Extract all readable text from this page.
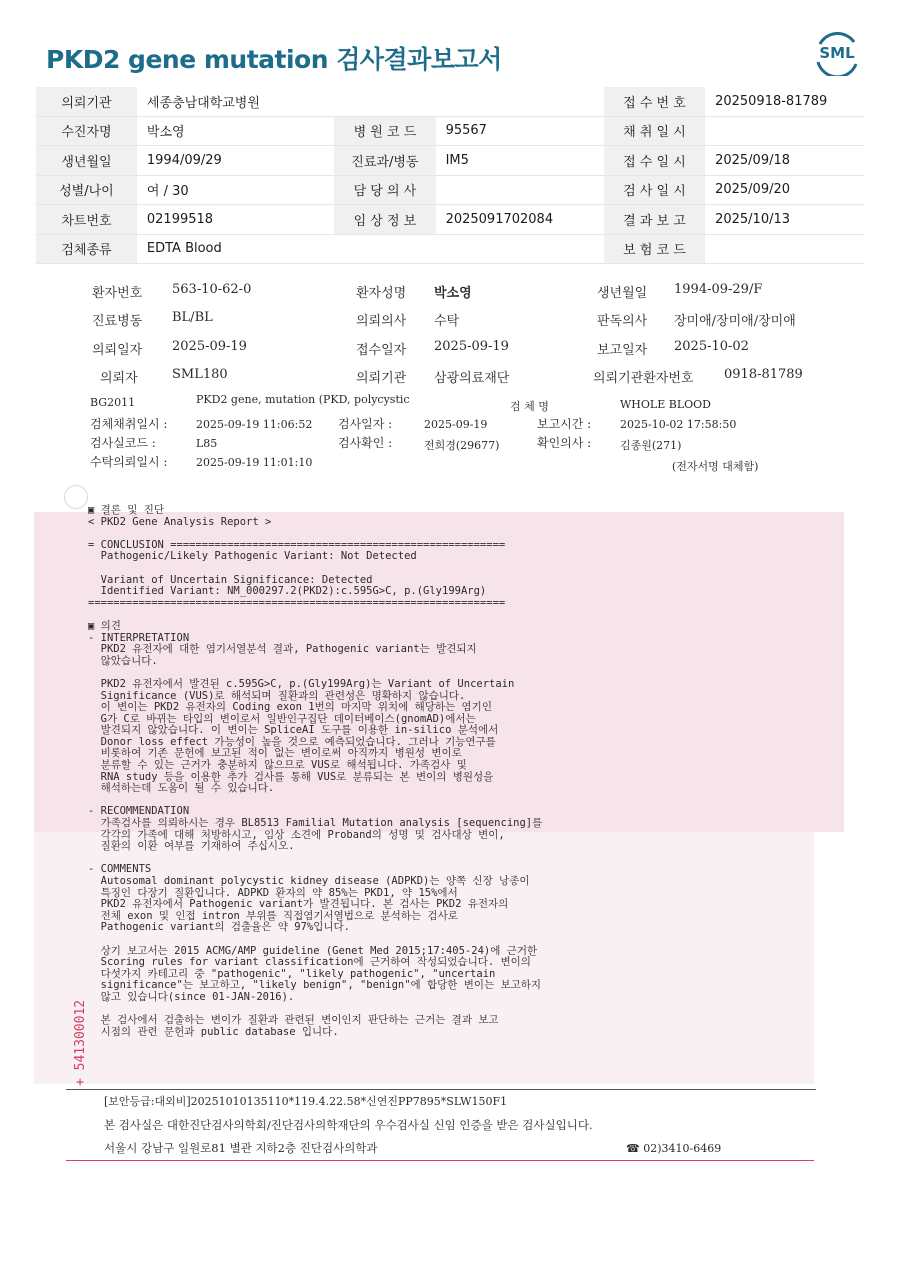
PKD2 gene mutation 검사결과보고서	SML
의뢰기관	세종충남대학교병원			접 수 번 호	20250918-81789
수진자명	박소영	병 원 코 드	95567	채 취 일 시	
생년월일	1994/09/29	진료과/병동	IM5	접 수 일 시	2025/09/18
성별/나이	여 / 30	담 당 의 사		검 사 일 시	2025/09/20
차트번호	02199518	임 상 정 보	2025091702084	결 과 보 고	2025/10/13
검체종류	EDTA Blood			보 험 코 드	
환자번호 563-10-62-0	환자성명 박소영	생년월일 1994-09-29/F
진료병동 BL/BL	의뢰의사 수탁	판독의사 장미애/장미애/장미애
의뢰일자 2025-09-19	접수일자 2025-09-19	보고일자 2025-10-02
의뢰자	SML180	의뢰기관 삼광의료재단	의뢰기관환자번호 0918-81789
BG2011	PKD2 gene, mutation (PKD, polycystic
검 체 명	WHOLE BLOOD
검체채취일시 :	2025-09-19 11:06:52 검사일자 :	2025-09-19	보고시간 :	2025-10-02 17:58:50
검사실코드 :	L85	검사확인 :	전희경(29677)	확인의사 :	김종원(271)
수탁의뢰일시 :	2025-09-19 11:01:10	(전자서명 대체함)
▣ 결론 및 진단
< PKD2 Gene Analysis Report >

= CONCLUSION =====================================================
Pathogenic/Likely Pathogenic Variant: Not Detected

Variant of Uncertain Significance: Detected
Identified Variant: NM_000297.2(PKD2):c.595G>C, p.(Gly199Arg)
==================================================================

▣ 의견
- INTERPRETATION
PKD2 유전자에 대한 염기서열분석 결과, Pathogenic variant는 발견되지
않았습니다.

PKD2 유전자에서 발견된 c.595G>C, p.(Gly199Arg)는 Variant of Uncertain
Significance (VUS)로 해석되며 질환과의 관련성은 명확하지 않습니다.
이 변이는 PKD2 유전자의 Coding exon 1번의 마지막 위치에 해당하는 염기인
G가 C로 바뀌는 타입의 변이로서 일반인구집단 데이터베이스(gnomAD)에서는
발견되지 않았습니다. 이 변이는 SpliceAI 도구를 이용한 in-silico 분석에서
Donor loss effect 가능성이 높을 것으로 예측되었습니다. 그러나 기능연구를
비롯하여 기존 문헌에 보고된 적이 없는 변이로써 아직까지 병원성 변이로
분류할 수 있는 근거가 충분하지 않으므로 VUS로 해석됩니다. 가족검사 및
RNA study 등을 이용한 추가 검사를 통해 VUS로 분류되는 본 변이의 병원성을
해석하는데 도움이 될 수 있습니다.

- RECOMMENDATION
가족검사를 의뢰하시는 경우 BL8513 Familial Mutation analysis [sequencing]를
각각의 가족에 대해 처방하시고, 임상 소견에 Proband의 성명 및 검사대상 변이,
질환의 이환 여부를 기재하여 주십시오.

- COMMENTS
Autosomal dominant polycystic kidney disease (ADPKD)는 양쪽 신장 낭종이
특징인 다장기 질환입니다. ADPKD 환자의 약 85%는 PKD1, 약 15%에서
PKD2 유전자에서 Pathogenic variant가 발견됩니다. 본 검사는 PKD2 유전자의
전체 exon 및 인접 intron 부위를 직접염기서열법으로 분석하는 검사로
Pathogenic variant의 검출율은 약 97%입니다.

상기 보고서는 2015 ACMG/AMP guideline (Genet Med 2015;17:405-24)에 근거한
Scoring rules for variant classification에 근거하여 작성되었습니다. 변이의
다섯가지 카테고리 중 "pathogenic", "likely pathogenic", "uncertain
significance"는 보고하고, "likely benign", "benign"에 합당한 변이는 보고하지
않고 있습니다(since 01-JAN-2016).

본 검사에서 검출하는 변이가 질환과 관련된 변이인지 판단하는 근거는 결과 보고
시점의 관련 문헌과 public database 입니다.
+ 541300012
[보안등급:대외비]20251010135110*119.4.22.58*신연진PP7895*SLW150F1
본 검사실은 대한진단검사의학회/진단검사의학재단의 우수검사실 신임 인증을 받은 검사실입니다.
서울시 강남구 일원로81 별관 지하2층 진단검사의학과	☎ 02)3410-6469
